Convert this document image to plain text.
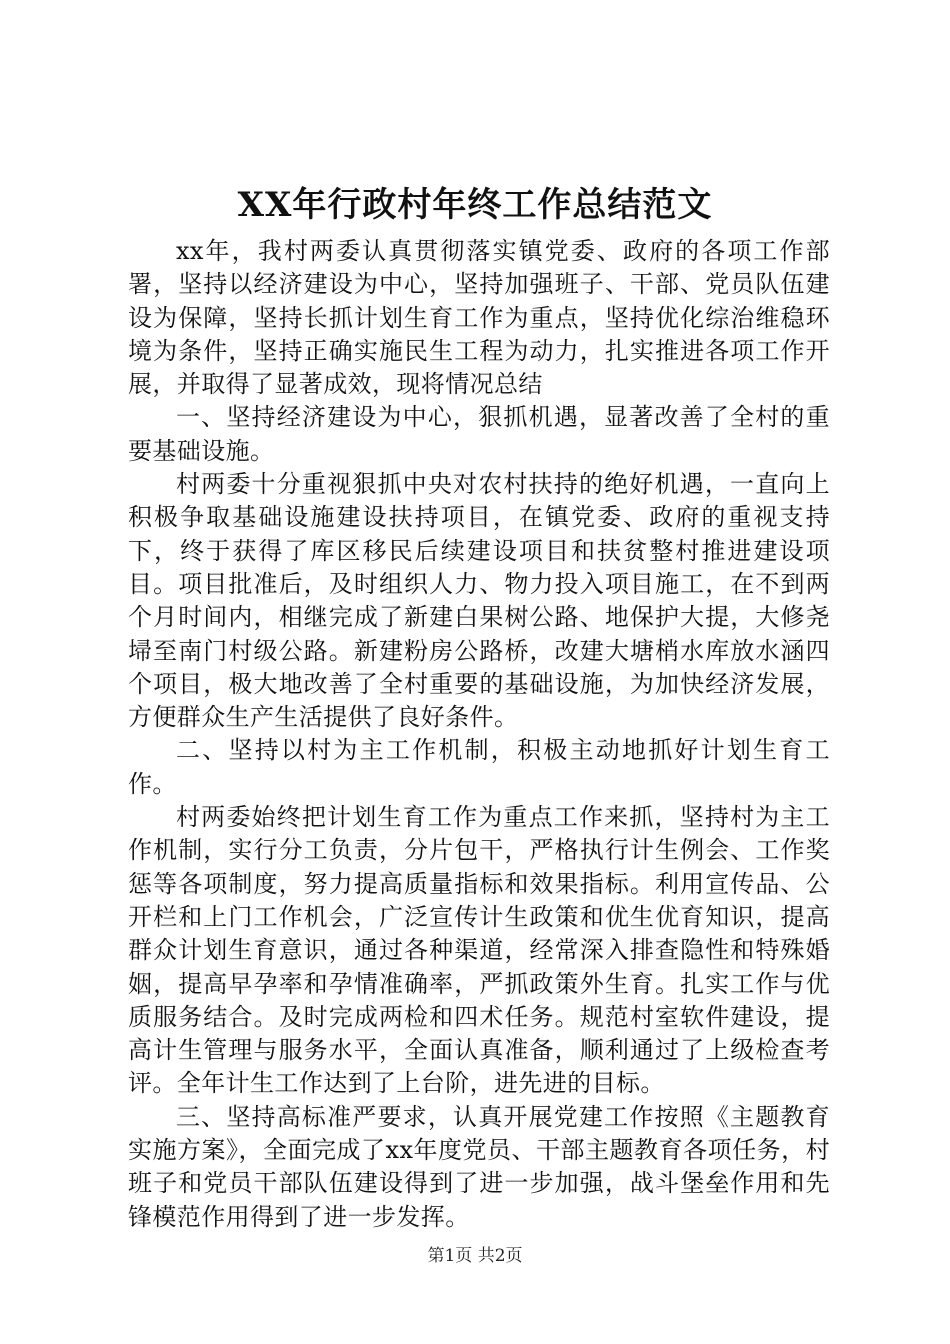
XX年行政村年终工作总结范文

xx年，我村两委认真贯彻落实镇党委、政府的各项工作部署，坚持以经济建设为中心，坚持加强班子、干部、党员队伍建设为保障，坚持长抓计划生育工作为重点，坚持优化综治维稳环境为条件，坚持正确实施民生工程为动力，扎实推进各项工作开展，并取得了显著成效，现将情况总结

一、坚持经济建设为中心，狠抓机遇，显著改善了全村的重要基础设施。

村两委十分重视狠抓中央对农村扶持的绝好机遇，一直向上积极争取基础设施建设扶持项目，在镇党委、政府的重视支持下，终于获得了库区移民后续建设项目和扶贫整村推进建设项目。项目批准后，及时组织人力、物力投入项目施工，在不到两个月时间内，相继完成了新建白果树公路、地保护大提，大修尧埽至南门村级公路。新建粉房公路桥，改建大塘梢水库放水涵四个项目，极大地改善了全村重要的基础设施，为加快经济发展，方便群众生产生活提供了良好条件。

二、坚持以村为主工作机制，积极主动地抓好计划生育工作。

村两委始终把计划生育工作为重点工作来抓，坚持村为主工作机制，实行分工负责，分片包干，严格执行计生例会、工作奖惩等各项制度，努力提高质量指标和效果指标。利用宣传品、公开栏和上门工作机会，广泛宣传计生政策和优生优育知识，提高群众计划生育意识，通过各种渠道，经常深入排查隐性和特殊婚姻，提高早孕率和孕情准确率，严抓政策外生育。扎实工作与优质服务结合。及时完成两检和四术任务。规范村室软件建设，提高计生管理与服务水平，全面认真准备，顺利通过了上级检查考评。全年计生工作达到了上台阶，进先进的目标。

三、坚持高标准严要求，认真开展党建工作按照《主题教育实施方案》，全面完成了xx年度党员、干部主题教育各项任务，村班子和党员干部队伍建设得到了进一步加强，战斗堡垒作用和先锋模范作用得到了进一步发挥。

第1页 共2页
